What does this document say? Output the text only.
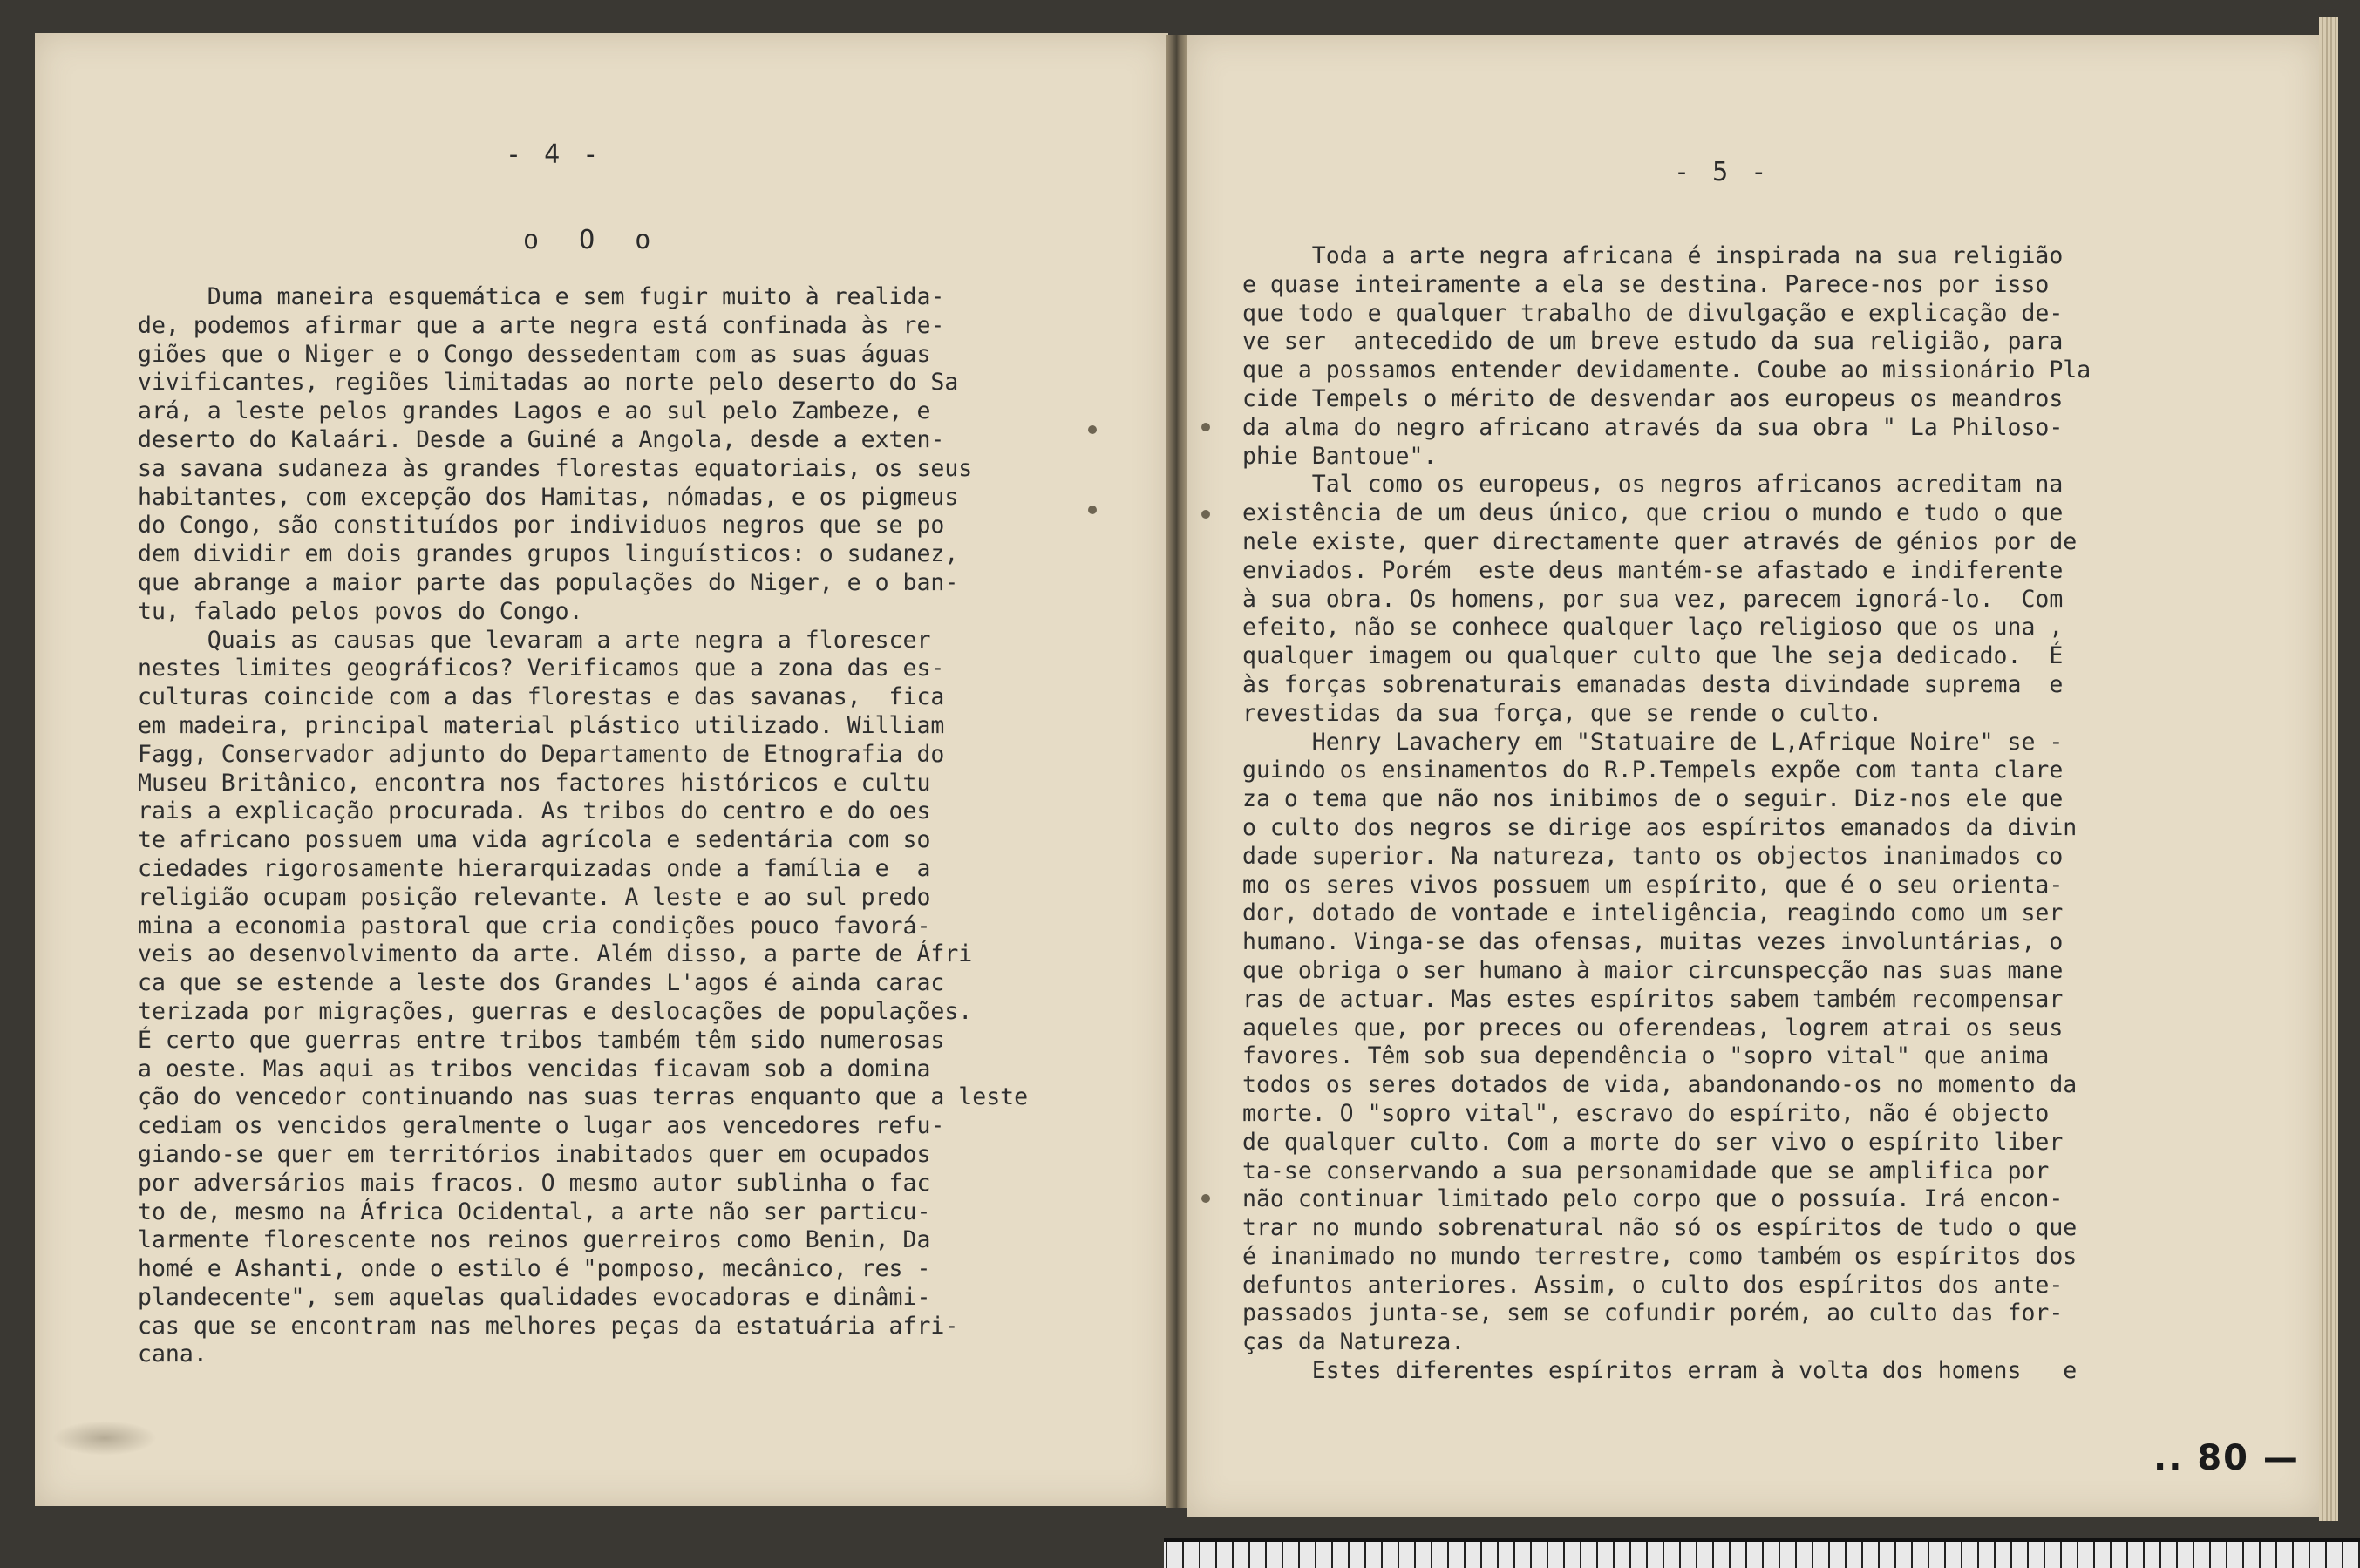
- 4 -
o O o
Duma maneira esquemática e sem fugir muito à realida-
de, podemos afirmar que a arte negra está confinada às re-
giões que o Niger e o Congo dessedentam com as suas águas
vivificantes, regiões limitadas ao norte pelo deserto do Sa
ará, a leste pelos grandes Lagos e ao sul pelo Zambeze, e
deserto do Kalaári. Desde a Guiné a Angola, desde a exten-
sa savana sudaneza às grandes florestas equatoriais, os seus
habitantes, com excepção dos Hamitas, nómadas, e os pigmeus
do Congo, são constituídos por individuos negros que se po
dem dividir em dois grandes grupos linguísticos: o sudanez,
que abrange a maior parte das populações do Niger, e o ban-
tu, falado pelos povos do Congo.
Quais as causas que levaram a arte negra a florescer
nestes limites geográficos? Verificamos que a zona das es-
culturas coincide com a das florestas e das savanas,  fica
em madeira, principal material plástico utilizado. William
Fagg, Conservador adjunto do Departamento de Etnografia do
Museu Britânico, encontra nos factores históricos e cultu
rais a explicação procurada. As tribos do centro e do oes
te africano possuem uma vida agrícola e sedentária com so
ciedades rigorosamente hierarquizadas onde a família e  a
religião ocupam posição relevante. A leste e ao sul predo
mina a economia pastoral que cria condições pouco favorá-
veis ao desenvolvimento da arte. Além disso, a parte de Áfri
ca que se estende a leste dos Grandes L'agos é ainda carac
terizada por migrações, guerras e deslocações de populações.
É certo que guerras entre tribos também têm sido numerosas
a oeste. Mas aqui as tribos vencidas ficavam sob a domina
ção do vencedor continuando nas suas terras enquanto que a leste
cediam os vencidos geralmente o lugar aos vencedores refu-
giando-se quer em territórios inabitados quer em ocupados
por adversários mais fracos. O mesmo autor sublinha o fac
to de, mesmo na África Ocidental, a arte não ser particu-
larmente florescente nos reinos guerreiros como Benin, Da
homé e Ashanti, onde o estilo é "pomposo, mecânico, res -
plandecente", sem aquelas qualidades evocadoras e dinâmi-
cas que se encontram nas melhores peças da estatuária afri-
cana.
- 5 -
Toda a arte negra africana é inspirada na sua religião
e quase inteiramente a ela se destina. Parece-nos por isso
que todo e qualquer trabalho de divulgação e explicação de-
ve ser  antecedido de um breve estudo da sua religião, para
que a possamos entender devidamente. Coube ao missionário Pla
cide Tempels o mérito de desvendar aos europeus os meandros
da alma do negro africano através da sua obra " La Philoso-
phie Bantoue".
Tal como os europeus, os negros africanos acreditam na
existência de um deus único, que criou o mundo e tudo o que
nele existe, quer directamente quer através de génios por de
enviados. Porém  este deus mantém-se afastado e indiferente
à sua obra. Os homens, por sua vez, parecem ignorá-lo.  Com
efeito, não se conhece qualquer laço religioso que os una ,
qualquer imagem ou qualquer culto que lhe seja dedicado.  É
às forças sobrenaturais emanadas desta divindade suprema  e
revestidas da sua força, que se rende o culto.
Henry Lavachery em "Statuaire de L,Afrique Noire" se -
guindo os ensinamentos do R.P.Tempels expõe com tanta clare
za o tema que não nos inibimos de o seguir. Diz-nos ele que
o culto dos negros se dirige aos espíritos emanados da divin
dade superior. Na natureza, tanto os objectos inanimados co
mo os seres vivos possuem um espírito, que é o seu orienta-
dor, dotado de vontade e inteligência, reagindo como um ser
humano. Vinga-se das ofensas, muitas vezes involuntárias, o
que obriga o ser humano à maior circunspecção nas suas mane
ras de actuar. Mas estes espíritos sabem também recompensar
aqueles que, por preces ou oferendeas, logrem atrai os seus
favores. Têm sob sua dependência o "sopro vital" que anima
todos os seres dotados de vida, abandonando-os no momento da
morte. O "sopro vital", escravo do espírito, não é objecto
de qualquer culto. Com a morte do ser vivo o espírito liber
ta-se conservando a sua personamidade que se amplifica por
não continuar limitado pelo corpo que o possuía. Irá encon-
trar no mundo sobrenatural não só os espíritos de tudo o que
é inanimado no mundo terrestre, como também os espíritos dos
defuntos anteriores. Assim, o culto dos espíritos dos ante-
passados junta-se, sem se cofundir porém, ao culto das for-
ças da Natureza.
Estes diferentes espíritos erram à volta dos homens   e
.. 80 —
